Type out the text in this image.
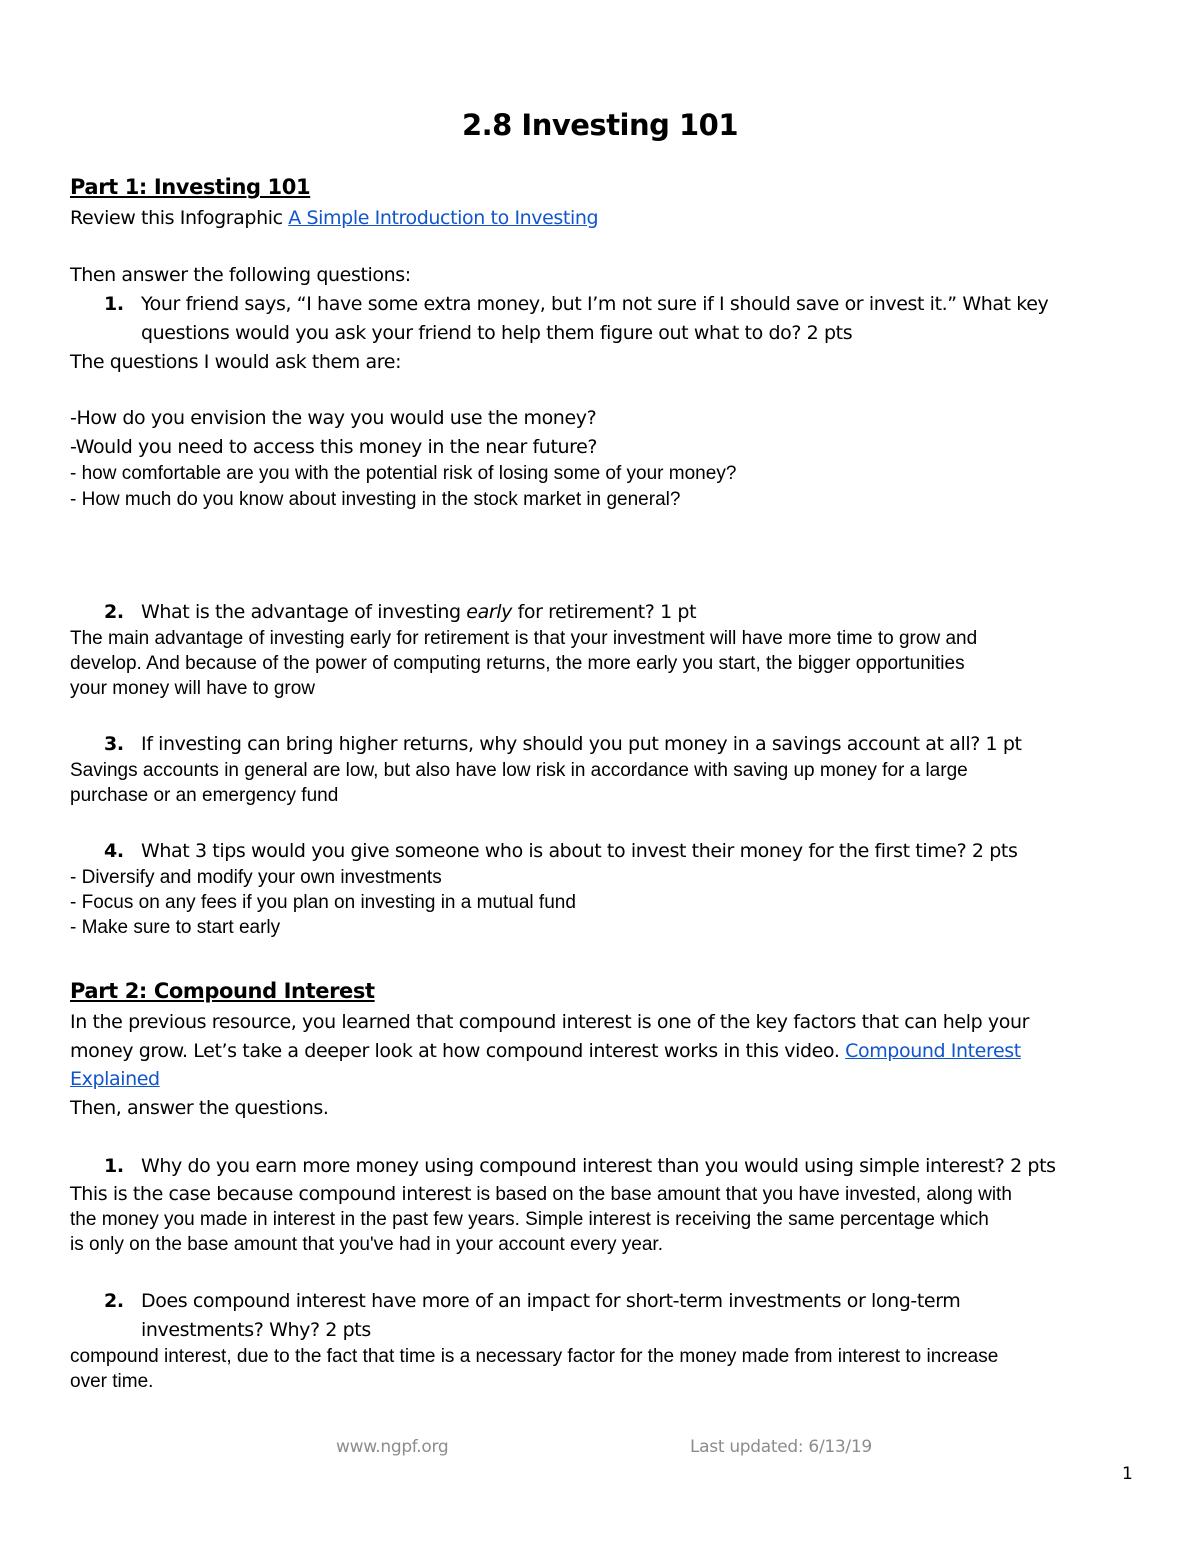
2.8 Investing 101
Part 1: Investing 101
Review this Infographic A Simple Introduction to Investing
Then answer the following questions:
1. Your friend says, “I have some extra money, but I’m not sure if I should save or invest it.” What key
questions would you ask your friend to help them figure out what to do? 2 pts
The questions I would ask them are:
-How do you envision the way you would use the money?
-Would you need to access this money in the near future?
- how comfortable are you with the potential risk of losing some of your money?
- How much do you know about investing in the stock market in general?
2. What is the advantage of investing early for retirement? 1 pt
The main advantage of investing early for retirement is that your investment will have more time to grow and
develop. And because of the power of computing returns, the more early you start, the bigger opportunities
your money will have to grow
3. If investing can bring higher returns, why should you put money in a savings account at all? 1 pt
Savings accounts in general are low, but also have low risk in accordance with saving up money for a large
purchase or an emergency fund
4. What 3 tips would you give someone who is about to invest their money for the first time? 2 pts
- Diversify and modify your own investments
- Focus on any fees if you plan on investing in a mutual fund
- Make sure to start early
Part 2: Compound Interest
In the previous resource, you learned that compound interest is one of the key factors that can help your
money grow. Let’s take a deeper look at how compound interest works in this video. Compound Interest
Explained
Then, answer the questions.
1. Why do you earn more money using compound interest than you would using simple interest? 2 pts
This is the case because compound interest is based on the base amount that you have invested, along with
the money you made in interest in the past few years. Simple interest is receiving the same percentage which
is only on the base amount that you've had in your account every year.
2. Does compound interest have more of an impact for short-term investments or long-term
investments? Why? 2 pts
compound interest, due to the fact that time is a necessary factor for the money made from interest to increase
over time.
www.ngpf.org	Last updated: 6/13/19
1
